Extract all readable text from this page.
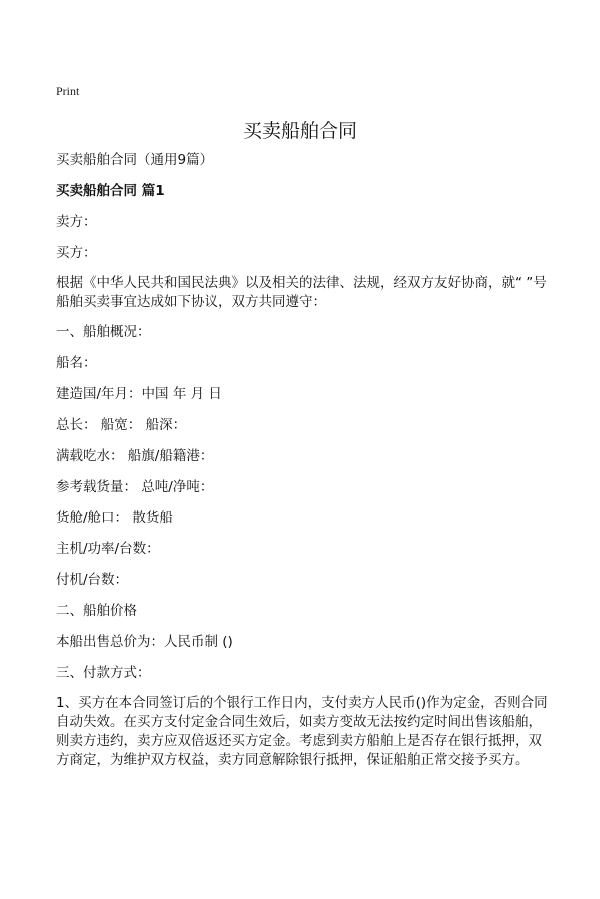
Print
买卖船舶合同

买卖船舶合同（通用9篇）

买卖船舶合同 篇1

卖方：

买方：

根据《中华人民共和国民法典》以及相关的法律、法规，经双方友好协商，就“ ”号船舶买卖事宜达成如下协议，双方共同遵守：

一、船舶概况：

船名：

建造国/年月：中国 年 月 日

总长： 船宽： 船深：

满载吃水： 船旗/船籍港：

参考载货量： 总吨/净吨：

货舱/舱口： 散货船

主机/功率/台数：

付机/台数：

二、船舶价格

本船出售总价为：人民币制 ()

三、付款方式：

1、买方在本合同签订后的个银行工作日内，支付卖方人民币()作为定金，否则合同自动失效。在买方支付定金合同生效后，如卖方变故无法按约定时间出售该船舶，则卖方违约，卖方应双倍返还买方定金。考虑到卖方船舶上是否存在银行抵押，双方商定，为维护双方权益，卖方同意解除银行抵押，保证船舶正常交接予买方。
